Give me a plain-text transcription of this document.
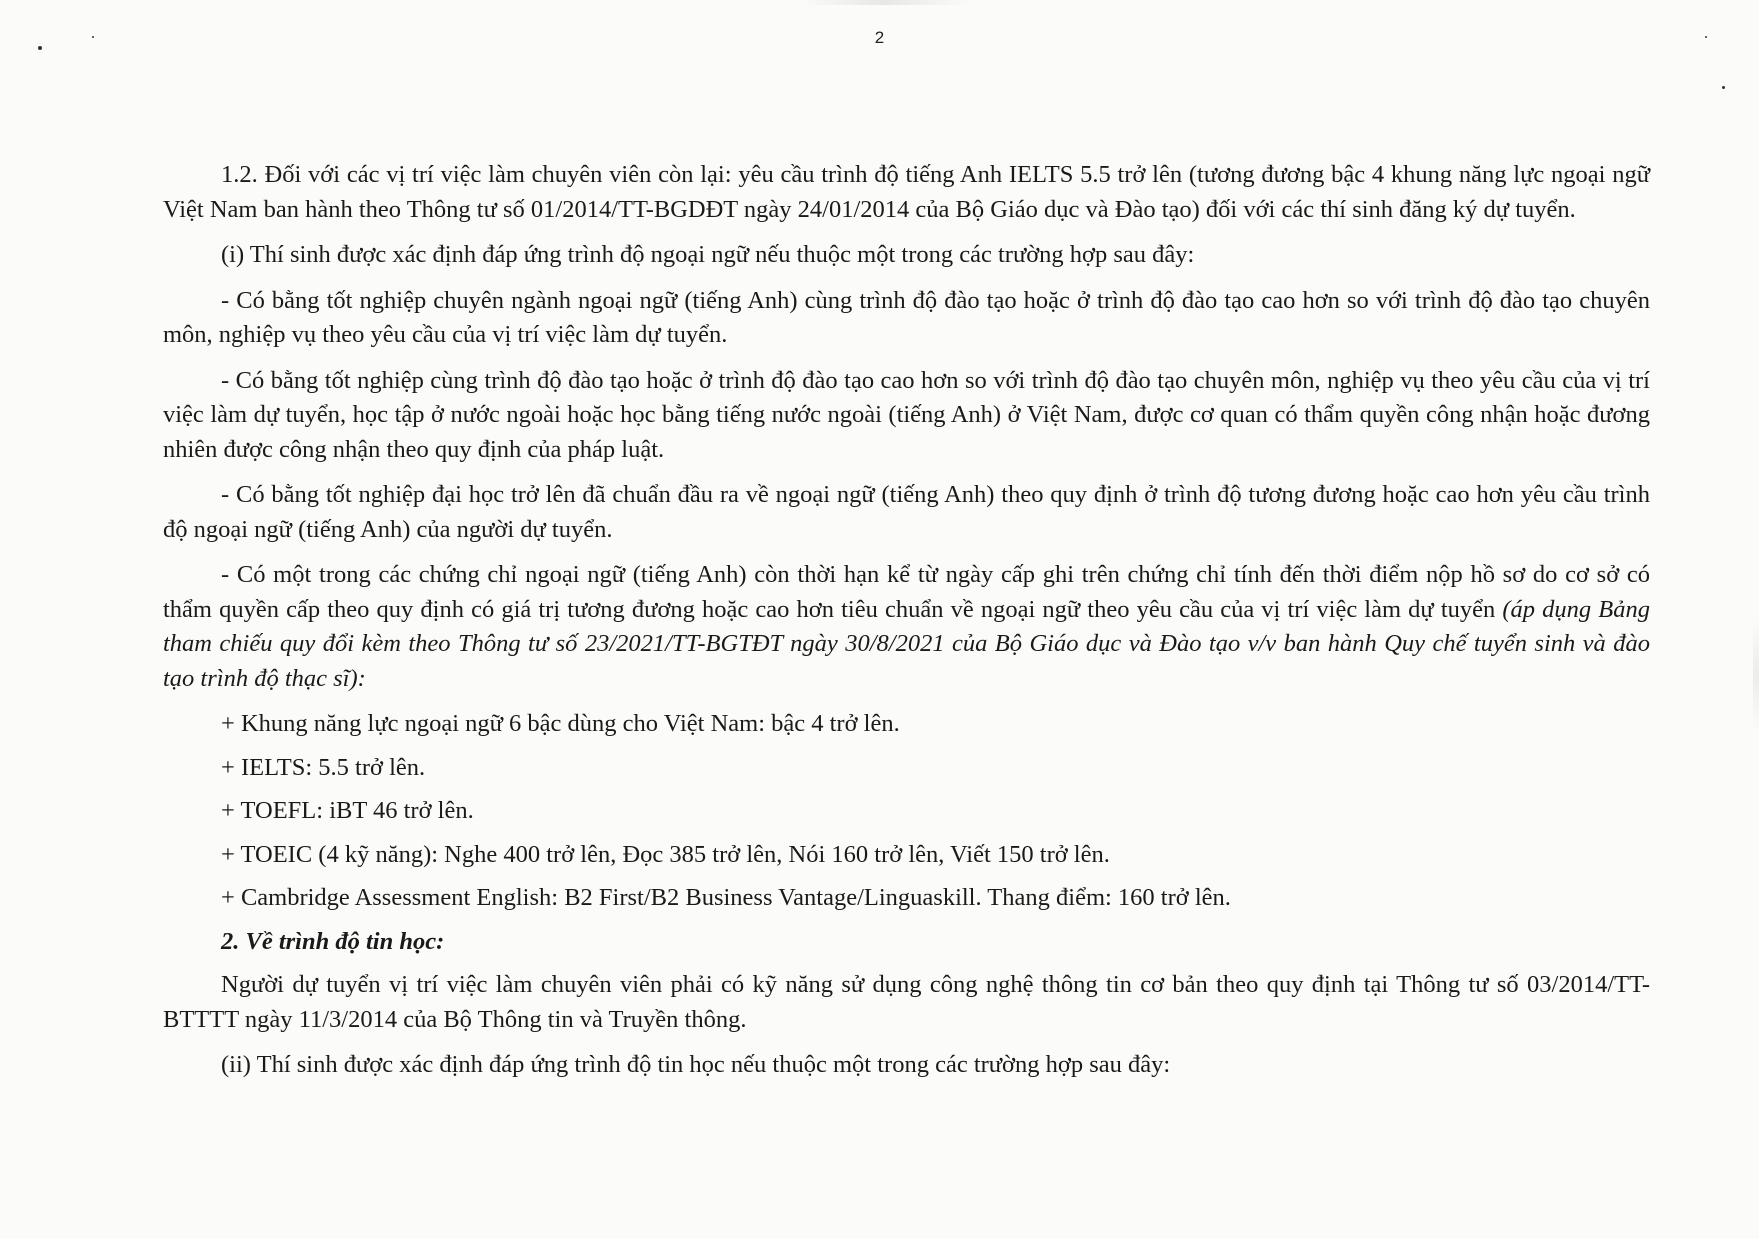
2

1.2. Đối với các vị trí việc làm chuyên viên còn lại: yêu cầu trình độ tiếng Anh IELTS 5.5 trở lên (tương đương bậc 4 khung năng lực ngoại ngữ Việt Nam ban hành theo Thông tư số 01/2014/TT-BGDĐT ngày 24/01/2014 của Bộ Giáo dục và Đào tạo) đối với các thí sinh đăng ký dự tuyển.

(i) Thí sinh được xác định đáp ứng trình độ ngoại ngữ nếu thuộc một trong các trường hợp sau đây:

- Có bằng tốt nghiệp chuyên ngành ngoại ngữ (tiếng Anh) cùng trình độ đào tạo hoặc ở trình độ đào tạo cao hơn so với trình độ đào tạo chuyên môn, nghiệp vụ theo yêu cầu của vị trí việc làm dự tuyển.

- Có bằng tốt nghiệp cùng trình độ đào tạo hoặc ở trình độ đào tạo cao hơn so với trình độ đào tạo chuyên môn, nghiệp vụ theo yêu cầu của vị trí việc làm dự tuyển, học tập ở nước ngoài hoặc học bằng tiếng nước ngoài (tiếng Anh) ở Việt Nam, được cơ quan có thẩm quyền công nhận hoặc đương nhiên được công nhận theo quy định của pháp luật.

- Có bằng tốt nghiệp đại học trở lên đã chuẩn đầu ra về ngoại ngữ (tiếng Anh) theo quy định ở trình độ tương đương hoặc cao hơn yêu cầu trình độ ngoại ngữ (tiếng Anh) của người dự tuyển.

- Có một trong các chứng chỉ ngoại ngữ (tiếng Anh) còn thời hạn kể từ ngày cấp ghi trên chứng chỉ tính đến thời điểm nộp hồ sơ do cơ sở có thẩm quyền cấp theo quy định có giá trị tương đương hoặc cao hơn tiêu chuẩn về ngoại ngữ theo yêu cầu của vị trí việc làm dự tuyển (áp dụng Bảng tham chiếu quy đổi kèm theo Thông tư số 23/2021/TT-BGTĐT ngày 30/8/2021 của Bộ Giáo dục và Đào tạo v/v ban hành Quy chế tuyển sinh và đào tạo trình độ thạc sĩ):

+ Khung năng lực ngoại ngữ 6 bậc dùng cho Việt Nam: bậc 4 trở lên.

+ IELTS: 5.5 trở lên.

+ TOEFL: iBT 46 trở lên.

+ TOEIC (4 kỹ năng): Nghe 400 trở lên, Đọc 385 trở lên, Nói 160 trở lên, Viết 150 trở lên.

+ Cambridge Assessment English: B2 First/B2 Business Vantage/Linguaskill. Thang điểm: 160 trở lên.

2. Về trình độ tin học:

Người dự tuyển vị trí việc làm chuyên viên phải có kỹ năng sử dụng công nghệ thông tin cơ bản theo quy định tại Thông tư số 03/2014/TT-BTTTT ngày 11/3/2014 của Bộ Thông tin và Truyền thông.

(ii) Thí sinh được xác định đáp ứng trình độ tin học nếu thuộc một trong các trường hợp sau đây:
